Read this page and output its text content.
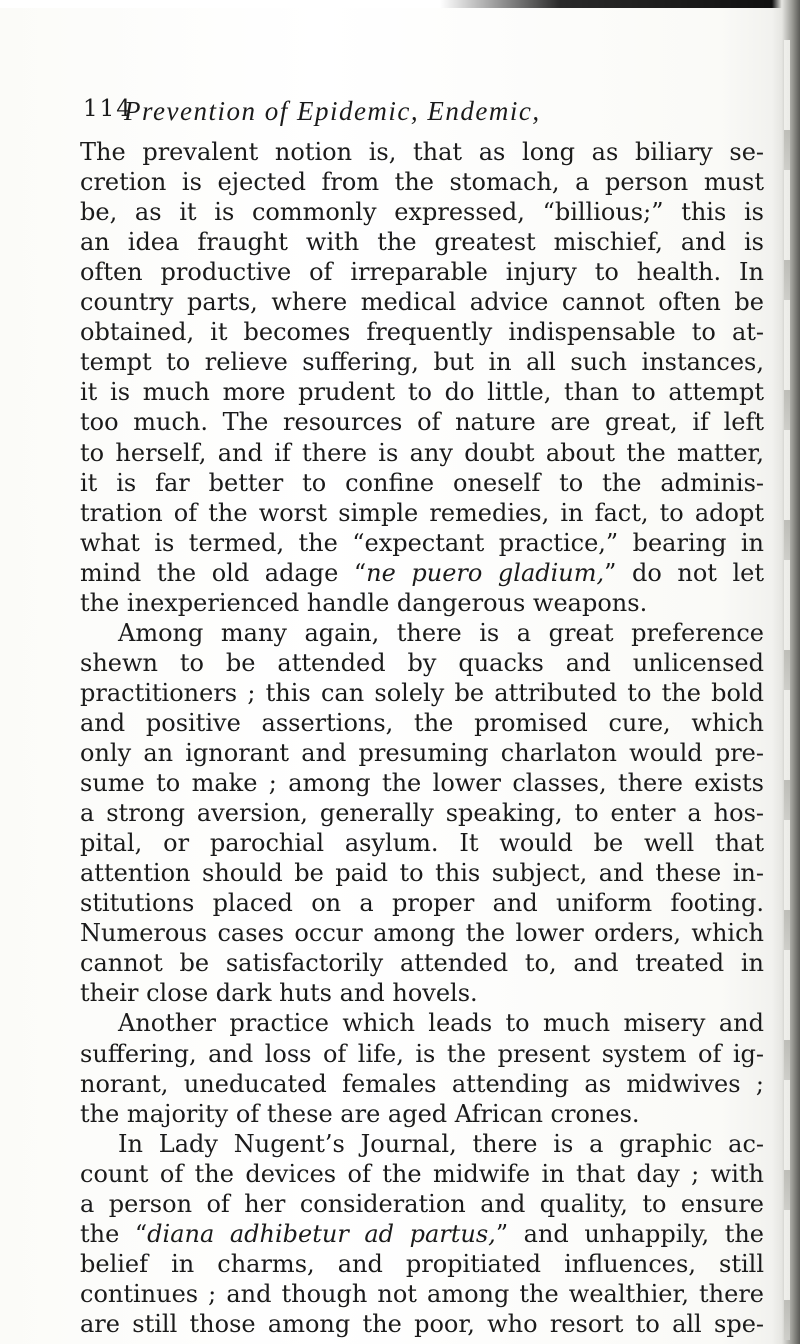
114
Prevention of Epidemic, Endemic,
The prevalent notion is, that as long as biliary se-
cretion is ejected from the stomach, a person must
be, as it is commonly expressed, “billious;” this is
an idea fraught with the greatest mischief, and is
often productive of irreparable injury to health. In
country parts, where medical advice cannot often be
obtained, it becomes frequently indispensable to at-
tempt to relieve suffering, but in all such instances,
it is much more prudent to do little, than to attempt
too much. The resources of nature are great, if left
to herself, and if there is any doubt about the matter,
it is far better to confine oneself to the adminis-
tration of the worst simple remedies, in fact, to adopt
what is termed, the “expectant practice,” bearing in
mind the old adage “ne puero gladium,” do not let
the inexperienced handle dangerous weapons.
Among many again, there is a great preference
shewn to be attended by quacks and unlicensed
practitioners ; this can solely be attributed to the bold
and positive assertions, the promised cure, which
only an ignorant and presuming charlaton would pre-
sume to make ; among the lower classes, there exists
a strong aversion, generally speaking, to enter a hos-
pital, or parochial asylum. It would be well that
attention should be paid to this subject, and these in-
stitutions placed on a proper and uniform footing.
Numerous cases occur among the lower orders, which
cannot be satisfactorily attended to, and treated in
their close dark huts and hovels.
Another practice which leads to much misery and
suffering, and loss of life, is the present system of ig-
norant, uneducated females attending as midwives ;
the majority of these are aged African crones.
In Lady Nugent’s Journal, there is a graphic ac-
count of the devices of the midwife in that day ; with
a person of her consideration and quality, to ensure
the “diana adhibetur ad partus,” and unhappily, the
belief in charms, and propitiated influences, still
continues ; and though not among the wealthier, there
are still those among the poor, who resort to all spe-
